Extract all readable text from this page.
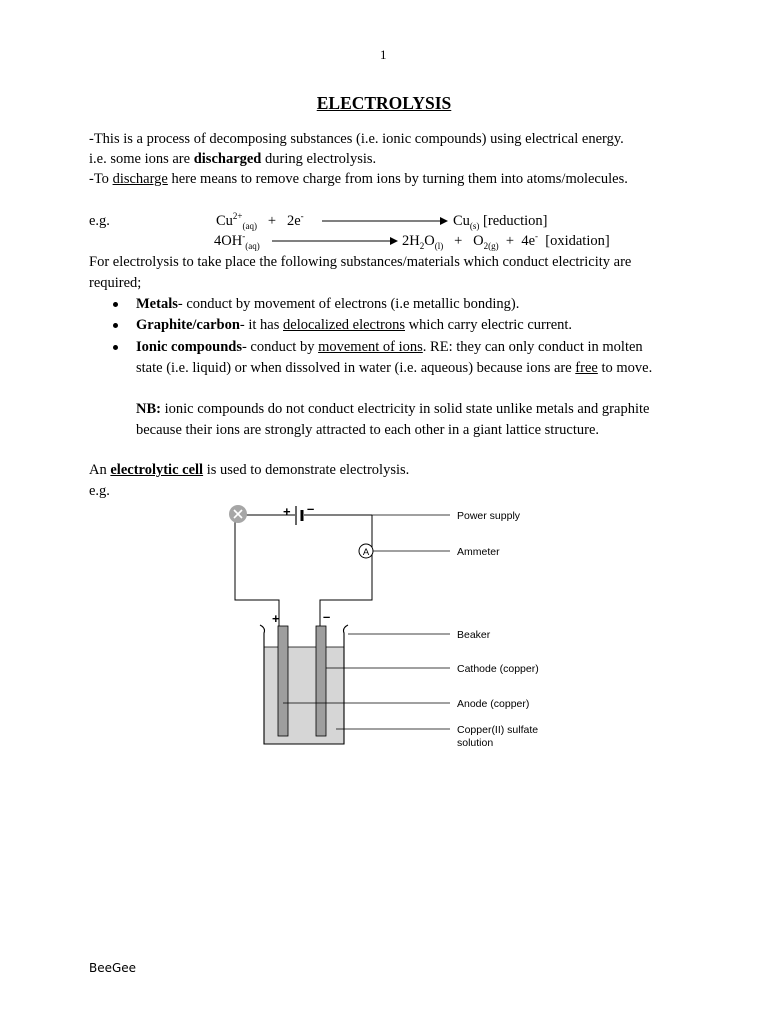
1
ELECTROLYSIS
-This is a process of decomposing substances (i.e. ionic compounds) using electrical energy.
i.e. some ions are discharged during electrolysis.
-To discharge here means to remove charge from ions by turning them into atoms/molecules.
e.g.	$Cu^{2+}_{(aq)} + 2e^-$	$Cu_{(s)}$ [reduction]
$4OH^-_{(aq)}$	$2H_2O_{(l)} + O_{2(g)} + 4e^-$ [oxidation]
For electrolysis to take place the following substances/materials which conduct electricity are
required;
Metals- conduct by movement of electrons (i.e metallic bonding).
Graphite/carbon- it has delocalized electrons which carry electric current.
Ionic compounds- conduct by movement of ions. RE: they can only conduct in molten
state (i.e. liquid) or when dissolved in water (i.e. aqueous) because ions are free to move.
NB: ionic compounds do not conduct electricity in solid state unlike metals and graphite
because their ions are strongly attracted to each other in a giant lattice structure.
An electrolytic cell is used to demonstrate electrolysis.
e.g.
+ –
A
+	–
Power supply
Ammeter
Beaker
Cathode (copper)
Anode (copper)
Copper(II) sulfate
solution
BeeGee
